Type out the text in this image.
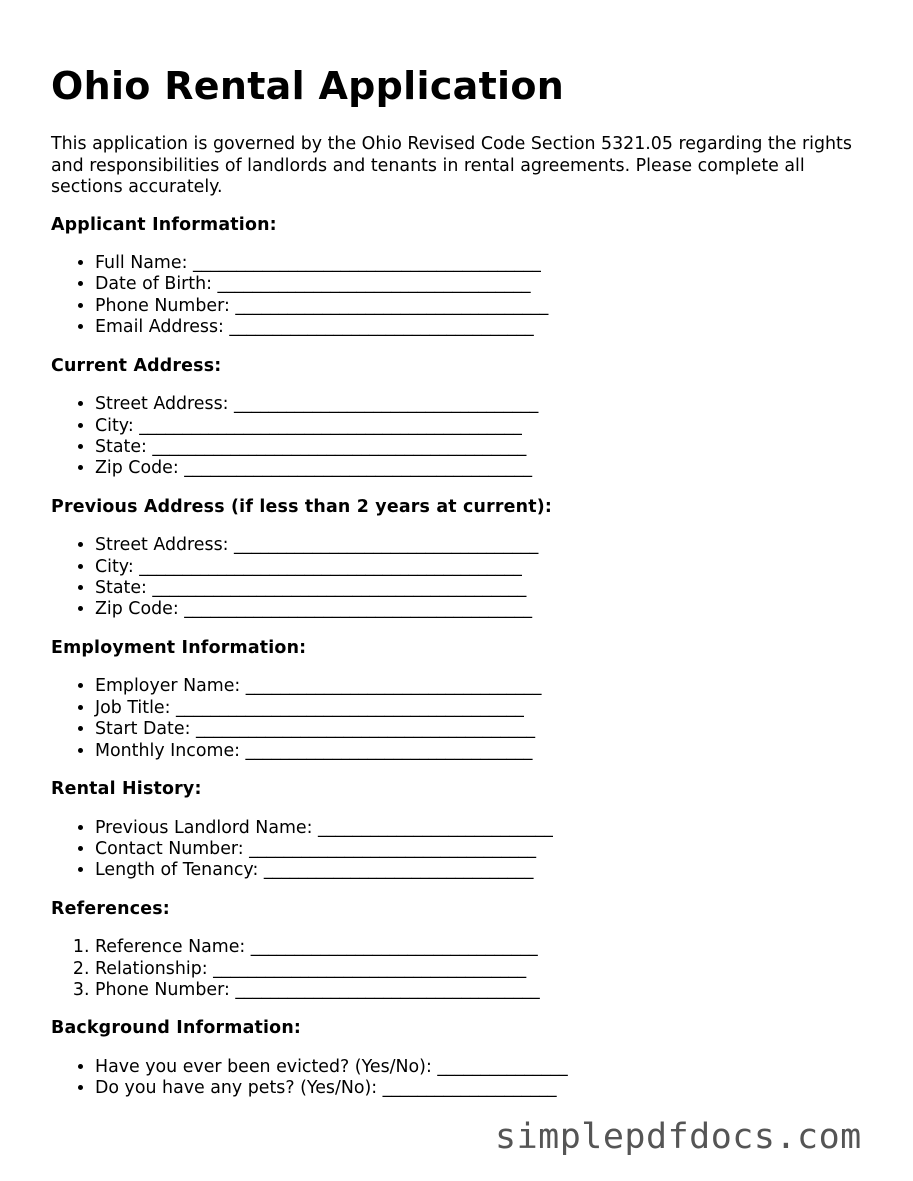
Ohio Rental Application

This application is governed by the Ohio Revised Code Section 5321.05 regarding the rights and responsibilities of landlords and tenants in rental agreements. Please complete all sections accurately.

Applicant Information:
• Full Name: ________________________________________
• Date of Birth: ____________________________________
• Phone Number: ____________________________________
• Email Address: ___________________________________
Current Address:
• Street Address: ___________________________________
• City: ____________________________________________
• State: ___________________________________________
• Zip Code: ________________________________________
Previous Address (if less than 2 years at current):
• Street Address: ___________________________________
• City: ____________________________________________
• State: ___________________________________________
• Zip Code: ________________________________________
Employment Information:
• Employer Name: __________________________________
• Job Title: ________________________________________
• Start Date: _______________________________________
• Monthly Income: _________________________________
Rental History:
• Previous Landlord Name: ___________________________
• Contact Number: _________________________________
• Length of Tenancy: _______________________________
References:
1. Reference Name: _________________________________
2. Relationship: ____________________________________
3. Phone Number: ___________________________________
Background Information:
• Have you ever been evicted? (Yes/No): _______________
• Do you have any pets? (Yes/No): ____________________
simplepdfdocs.com
